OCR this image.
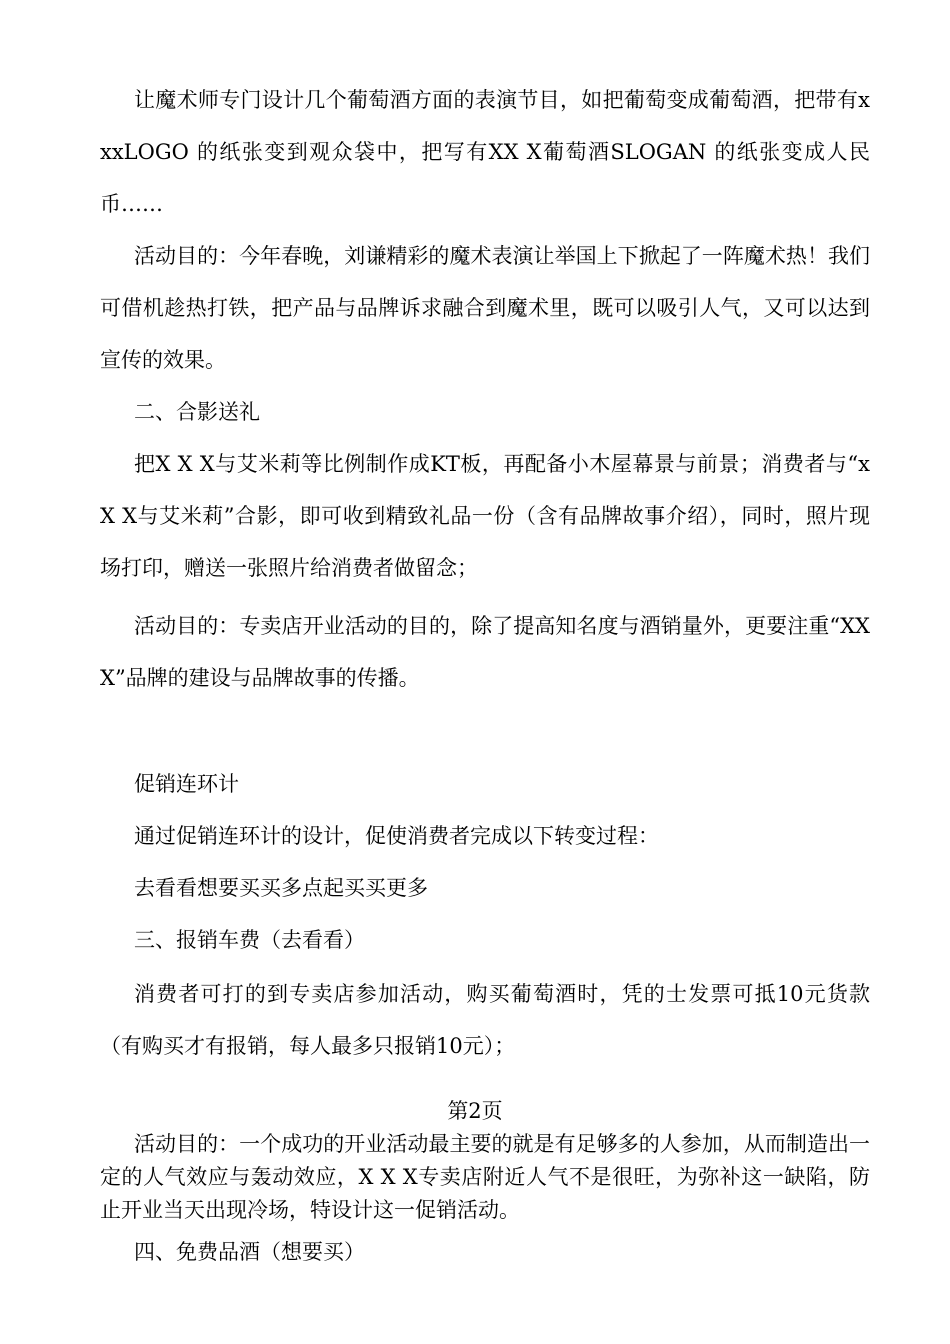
让魔术师专门设计几个葡萄酒方面的表演节目，如把葡萄变成葡萄酒，把带有xxxLOGO 的纸张变到观众袋中，把写有XX X葡萄酒SLOGAN 的纸张变成人民币……

活动目的：今年春晚，刘谦精彩的魔术表演让举国上下掀起了一阵魔术热！我们可借机趁热打铁，把产品与品牌诉求融合到魔术里，既可以吸引人气，又可以达到宣传的效果。

二、合影送礼

把X X X与艾米莉等比例制作成KT板，再配备小木屋幕景与前景；消费者与“x X X与艾米莉”合影，即可收到精致礼品一份（含有品牌故事介绍），同时，照片现场打印，赠送一张照片给消费者做留念；

活动目的：专卖店开业活动的目的，除了提高知名度与酒销量外，更要注重“XXX”品牌的建设与品牌故事的传播。

促销连环计

通过促销连环计的设计，促使消费者完成以下转变过程：

去看看想要买买多点起买买更多

三、报销车费（去看看）

消费者可打的到专卖店参加活动，购买葡萄酒时，凭的士发票可抵10元货款（有购买才有报销，每人最多只报销10元）；

第2页

活动目的：一个成功的开业活动最主要的就是有足够多的人参加，从而制造出一定的人气效应与轰动效应，X X X专卖店附近人气不是很旺，为弥补这一缺陷，防止开业当天出现冷场，特设计这一促销活动。

四、免费品酒（想要买）
